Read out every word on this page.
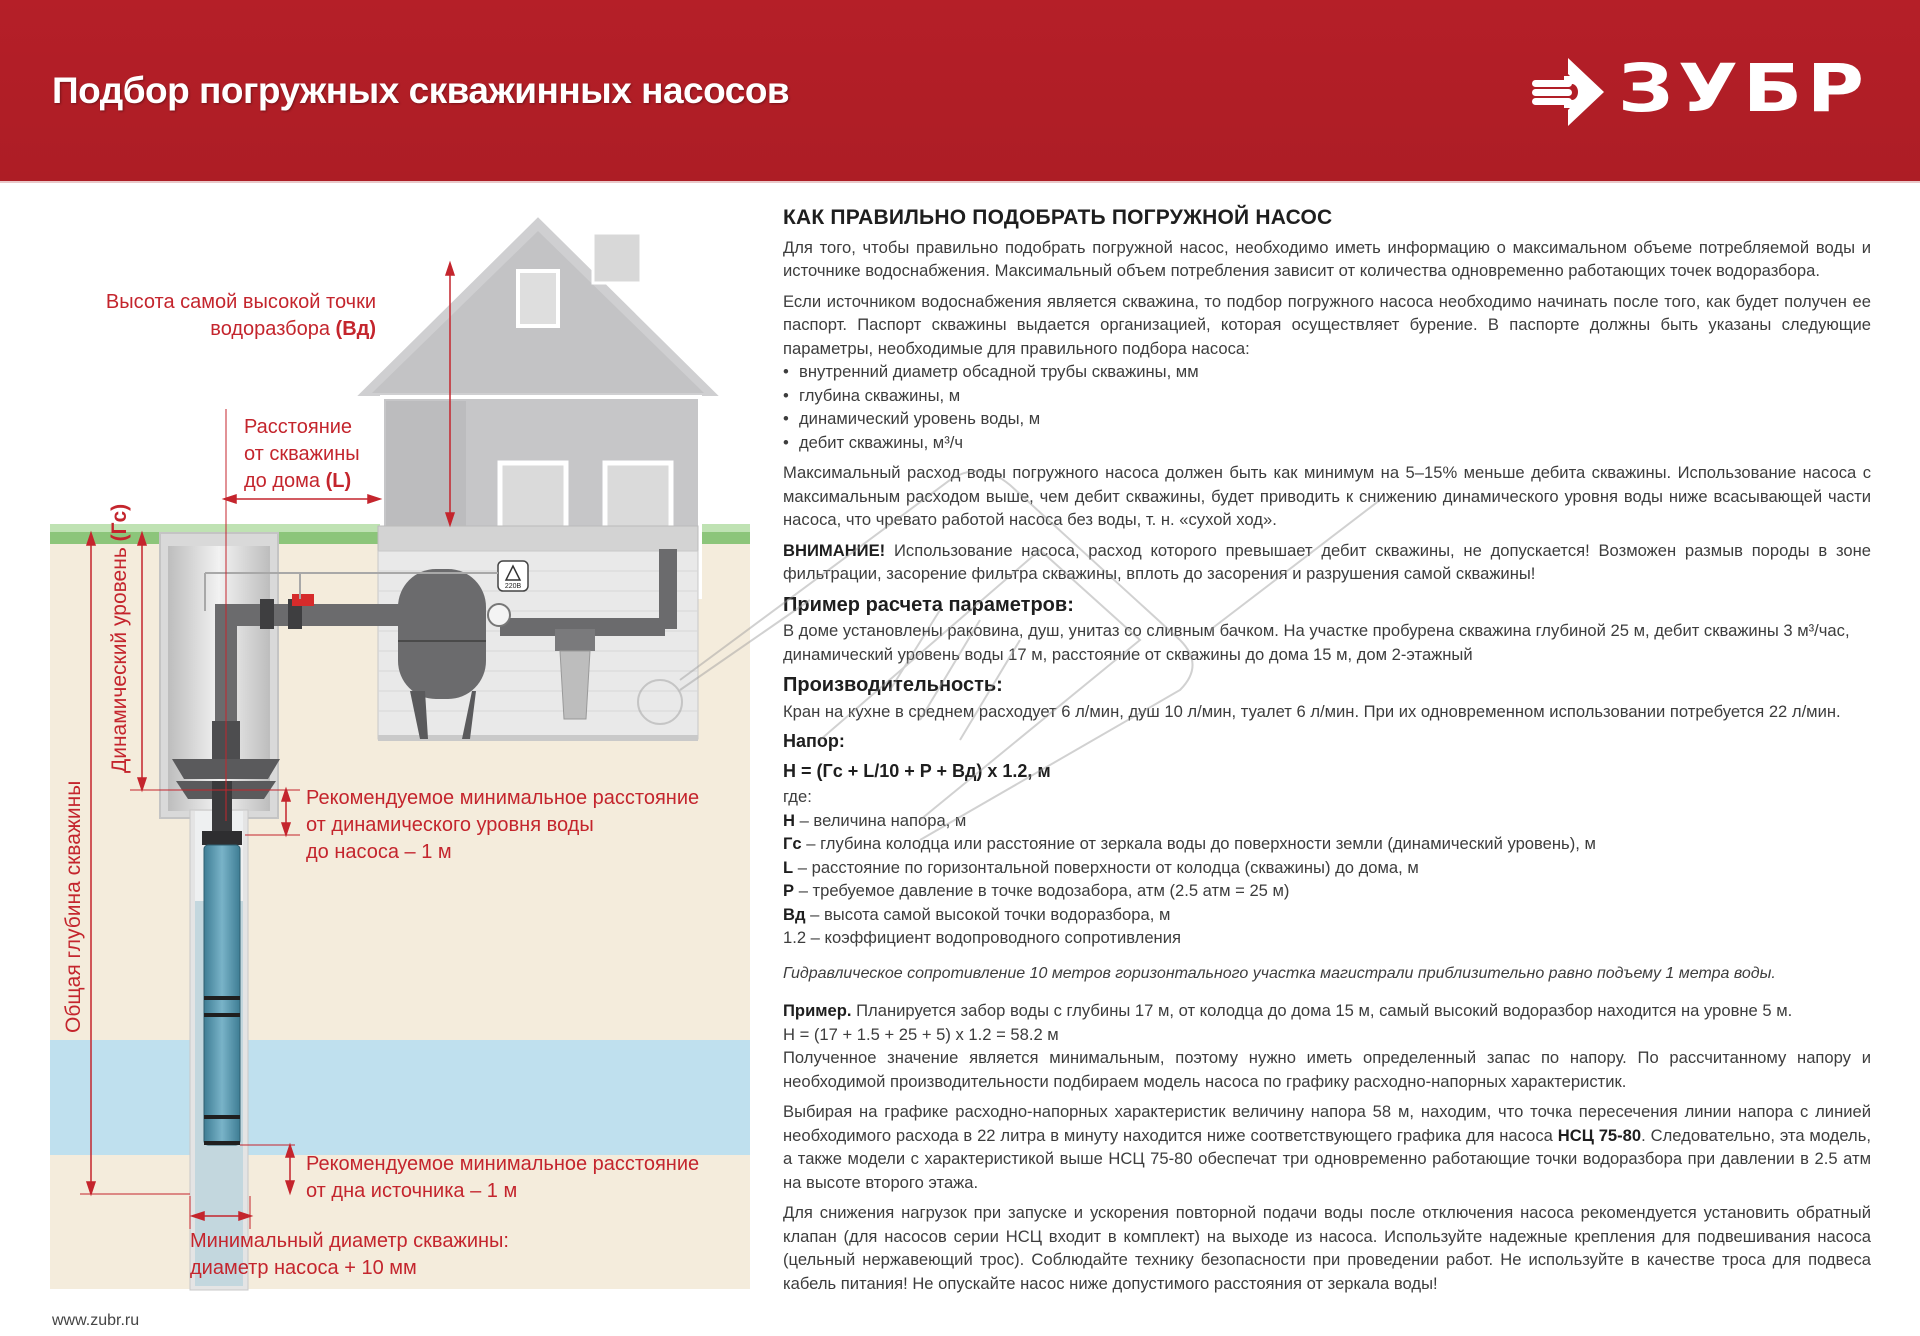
Подбор погружных скважинных насосов	ЗУБР
220В
Высота самой высокой точки
водоразбора (Вд)
Расстояние
от скважины
до дома (L)
Динамический уровень (Гс)
Общая глубина скважины	Рекомендуемое минимальное расстояние
от динамического уровня воды
до насоса – 1 м
Рекомендуемое минимальное расстояние
от дна источника – 1 м
Минимальный диаметр скважины:
диаметр насоса + 10 мм
КАК ПРАВИЛЬНО ПОДОБРАТЬ ПОГРУЖНОЙ НАСОС

Для того, чтобы правильно подобрать погружной насос, необходимо иметь информацию о максимальном объеме потребляемой воды и источнике водоснабжения. Максимальный объем потребления зависит от количества одновременно работающих точек водоразбора.

Если источником водоснабжения является скважина, то подбор погружного насоса необходимо начинать после того, как будет получен ее паспорт. Паспорт скважины выдается организацией, которая осуществляет бурение. В паспорте должны быть указаны следующие параметры, необходимые для правильного подбора насоса:

• внутренний диаметр обсадной трубы скважины, мм
• глубина скважины, м
• динамический уровень воды, м
• дебит скважины, м³/ч

Максимальный расход воды погружного насоса должен быть как минимум на 5–15% меньше дебита скважины. Использование насоса с максимальным расходом выше, чем дебит скважины, будет приводить к снижению динамического уровня воды ниже всасывающей части насоса, что чревато работой насоса без воды, т. н. «сухой ход».

ВНИМАНИЕ! Использование насоса, расход которого превышает дебит скважины, не допускается! Возможен размыв породы в зоне фильтрации, засорение фильтра скважины, вплоть до засорения и разрушения самой скважины!

Пример расчета параметров:

В доме установлены раковина, душ, унитаз со сливным бачком. На участке пробурена скважина глубиной 25 м, дебит скважины 3 м³/час, динамический уровень воды 17 м, расстояние от скважины до дома 15 м, дом 2-этажный

Производительность:

Кран на кухне в среднем расходует 6 л/мин, душ 10 л/мин, туалет 6 л/мин. При их одновременном использовании потребуется 22 л/мин.

Напор:
H = (Гс + L/10 + P + Вд) x 1.2, м
где:
H – величина напора, м
Гс – глубина колодца или расстояние от зеркала воды до поверхности земли (динамический уровень), м
L – расстояние по горизонтальной поверхности от колодца (скважины) до дома, м
P – требуемое давление в точке водозабора, атм (2.5 атм = 25 м)
Вд – высота самой высокой точки водоразбора, м
1.2 – коэффициент водопроводного сопротивления

Гидравлическое сопротивление 10 метров горизонтального участка магистрали приблизительно равно подъему 1 метра воды.

Пример. Планируется забор воды с глубины 17 м, от колодца до дома 15 м, самый высокий водоразбор находится на уровне 5 м.

H = (17 + 1.5 + 25 + 5) x 1.2 = 58.2 м

Полученное значение является минимальным, поэтому нужно иметь определенный запас по напору. По рассчитанному напору и необходимой производительности подбираем модель насоса по графику расходно-напорных характеристик.

Выбирая на графике расходно-напорных характеристик величину напора 58 м, находим, что точка пересечения линии напора с линией необходимого расхода в 22 литра в минуту находится ниже соответствующего графика для насоса НСЦ 75-80. Следовательно, эта модель, а также модели с характеристикой выше НСЦ 75-80 обеспечат три одновременно работающие точки водоразбора при давлении в 2.5 атм на высоте второго этажа.

Для снижения нагрузок при запуске и ускорения повторной подачи воды после отключения насоса рекомендуется установить обратный клапан (для насосов серии НСЦ входит в комплект) на выходе из насоса. Используйте надежные крепления для подвешивания насоса (цельный нержавеющий трос). Соблюдайте технику безопасности при проведении работ. Не используйте в качестве троса для подвеса кабель питания! Не опускайте насос ниже допустимого расстояния от зеркала воды!

www.zubr.ru
